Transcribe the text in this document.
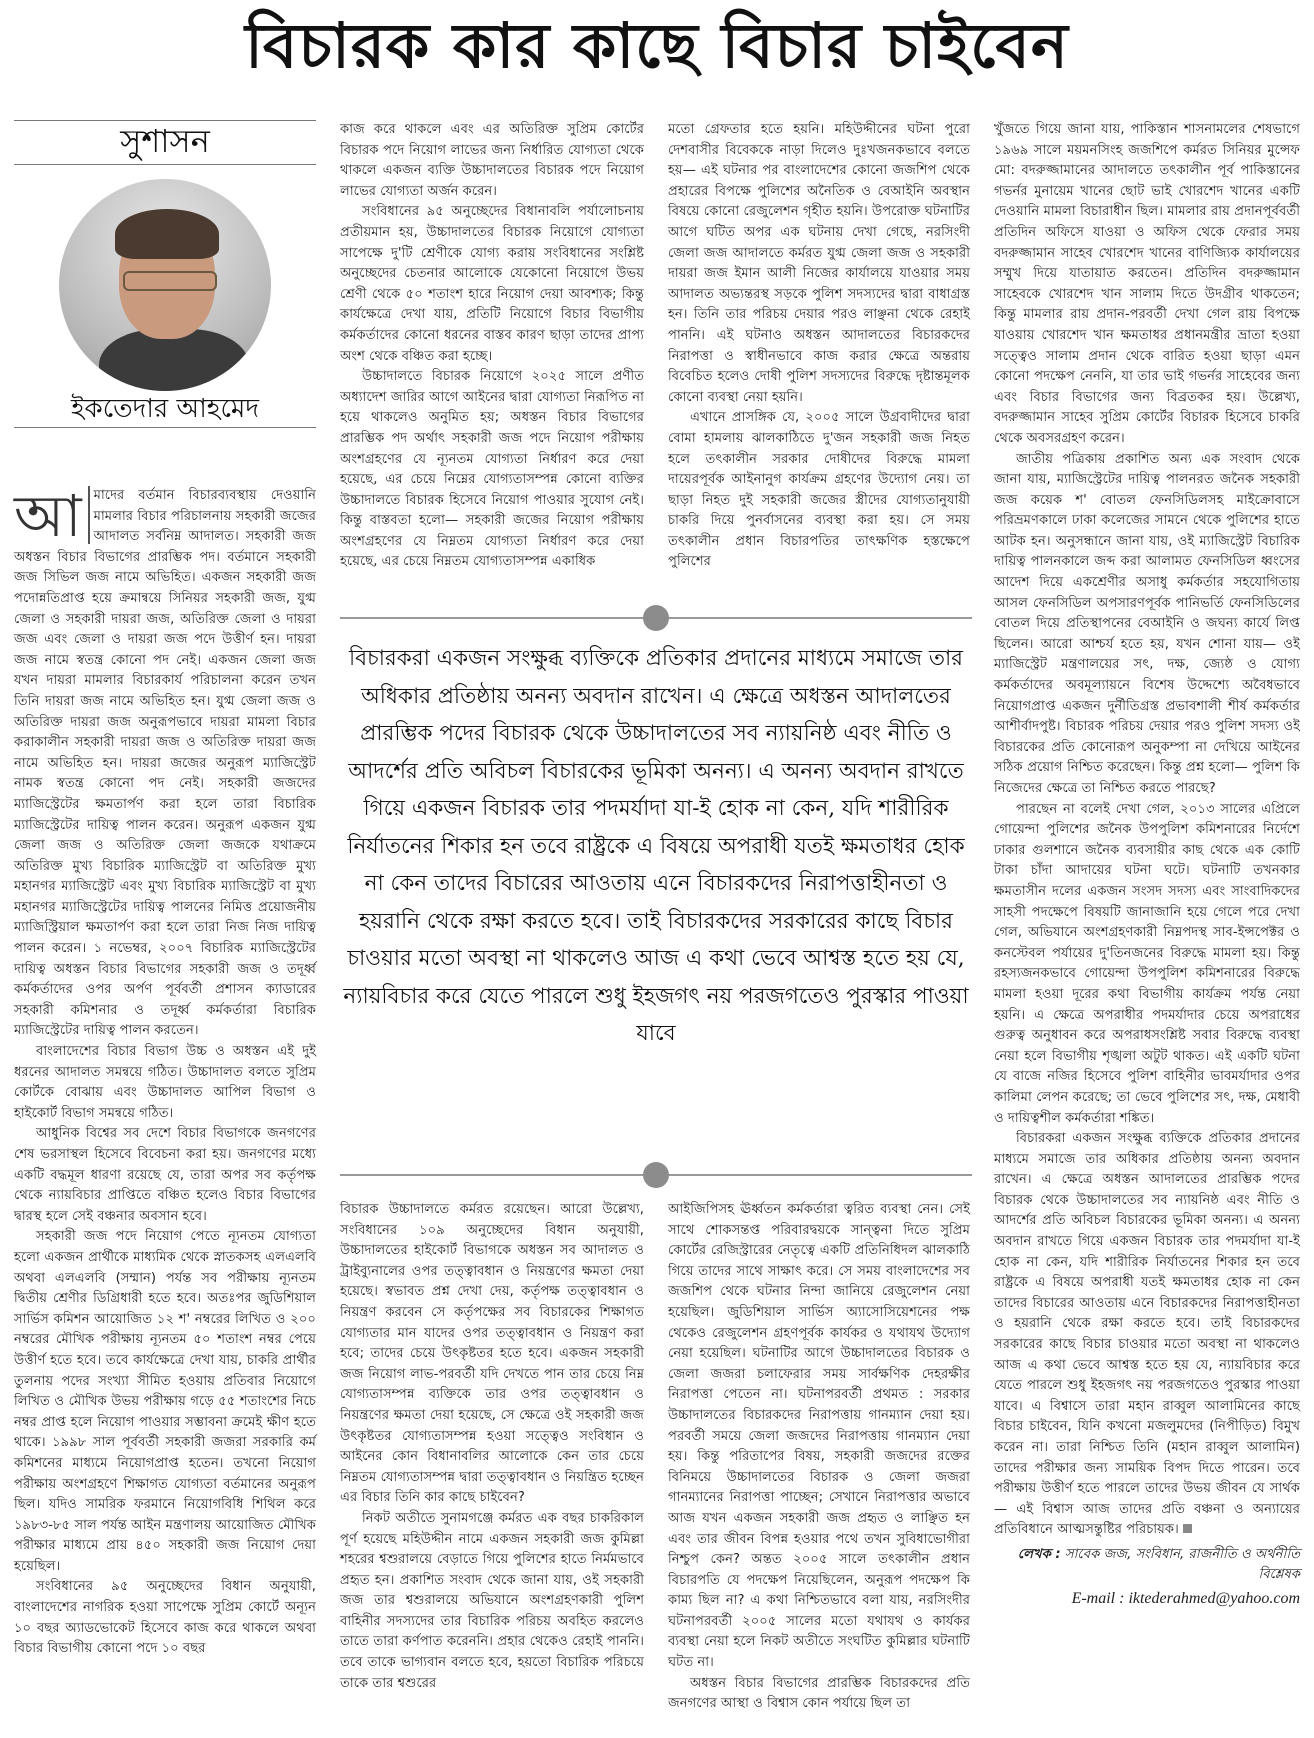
বিচারক কার কাছে বিচার চাইবেন
সুশাসন
ইকতেদার আহমেদ

আ মাদের বর্তমান বিচারব্যবস্থায় দেওয়ানি মামলার বিচার পরিচালনায় সহকারী জজের আদালত সর্বনিম্ন আদালত। সহকারী জজ অধস্তন বিচার বিভাগের প্রারম্ভিক পদ। বর্তমানে সহকারী জজ সিভিল জজ নামে অভিহিত। একজন সহকারী জজ পদোন্নতিপ্রাপ্ত হয়ে ক্রমান্বয়ে সিনিয়র সহকারী জজ, যুগ্ম জেলা ও সহকারী দায়রা জজ, অতিরিক্ত জেলা ও দায়রা জজ এবং জেলা ও দায়রা জজ পদে উত্তীর্ণ হন। দায়রা জজ নামে স্বতন্ত্র কোনো পদ নেই। একজন জেলা জজ যখন দায়রা মামলার বিচারকার্য পরিচালনা করেন তখন তিনি দায়রা জজ নামে অভিহিত হন। যুগ্ম জেলা জজ ও অতিরিক্ত দায়রা জজ অনুরূপভাবে দায়রা মামলা বিচার করাকালীন সহকারী দায়রা জজ ও অতিরিক্ত দায়রা জজ নামে অভিহিত হন। দায়রা জজের অনুরূপ ম্যাজিস্ট্রেট নামক স্বতন্ত্র কোনো পদ নেই। সহকারী জজদের ম্যাজিস্ট্রেটের ক্ষমতার্পণ করা হলে তারা বিচারিক ম্যাজিস্ট্রেটের দায়িত্ব পালন করেন। অনুরূপ একজন যুগ্ম জেলা জজ ও অতিরিক্ত জেলা জজকে যথাক্রমে অতিরিক্ত মুখ্য বিচারিক ম্যাজিস্ট্রেট বা অতিরিক্ত মুখ্য মহানগর ম্যাজিস্ট্রেট এবং মুখ্য বিচারিক ম্যাজিস্ট্রেট বা মুখ্য মহানগর ম্যাজিস্ট্রেটের দায়িত্ব পালনের নিমিত্ত প্রয়োজনীয় ম্যাজিস্ট্রিয়াল ক্ষমতার্পণ করা হলে তারা নিজ নিজ দায়িত্ব পালন করেন। ১ নভেম্বর, ২০০৭ বিচারিক ম্যাজিস্ট্রেটের দায়িত্ব অধস্তন বিচার বিভাগের সহকারী জজ ও তদূর্ধ্ব কর্মকর্তাদের ওপর অর্পণ পূর্ববর্তী প্রশাসন ক্যাডারের সহকারী কমিশনার ও তদূর্ধ্ব কর্মকর্তারা বিচারিক ম্যাজিস্ট্রেটের দায়িত্ব পালন করতেন।

বাংলাদেশের বিচার বিভাগ উচ্চ ও অধস্তন এই দুই ধরনের আদালত সমন্বয়ে গঠিত। উচ্চাদালত বলতে সুপ্রিম কোর্টকে বোঝায় এবং উচ্চাদালত আপিল বিভাগ ও হাইকোর্ট বিভাগ সমন্বয়ে গঠিত।

আধুনিক বিশ্বের সব দেশে বিচার বিভাগকে জনগণের শেষ ভরসাস্থল হিসেবে বিবেচনা করা হয়। জনগণের মধ্যে একটি বদ্ধমূল ধারণা রয়েছে যে, তারা অপর সব কর্তৃপক্ষ থেকে ন্যায়বিচার প্রাপ্তিতে বঞ্চিত হলেও বিচার বিভাগের দ্বারস্থ হলে সেই বঞ্চনার অবসান হবে।

সহকারী জজ পদে নিয়োগ পেতে ন্যূনতম যোগ্যতা হলো একজন প্রার্থীকে মাধ্যমিক থেকে স্নাতকসহ এলএলবি অথবা এলএলবি (সম্মান) পর্যন্ত সব পরীক্ষায় ন্যূনতম দ্বিতীয় শ্রেণীর ডিগ্রিধারী হতে হবে। অতঃপর জুডিশিয়াল সার্ভিস কমিশন আয়োজিত ১২ শ' নম্বরের লিখিত ও ২০০ নম্বরের মৌখিক পরীক্ষায় ন্যূনতম ৫০ শতাংশ নম্বর পেয়ে উত্তীর্ণ হতে হবে। তবে কার্যক্ষেত্রে দেখা যায়, চাকরি প্রার্থীর তুলনায় পদের সংখ্যা সীমিত হওয়ায় প্রতিবার নিয়োগে লিখিত ও মৌখিক উভয় পরীক্ষায় গড়ে ৫৫ শতাংশের নিচে নম্বর প্রাপ্ত হলে নিয়োগ পাওয়ার সম্ভাবনা ক্রমেই ক্ষীণ হতে থাকে। ১৯৯৮ সাল পূর্ববর্তী সহকারী জজরা সরকারি কর্ম কমিশনের মাধ্যমে নিয়োগপ্রাপ্ত হতেন। তখনো নিয়োগ পরীক্ষায় অংশগ্রহণে শিক্ষাগত যোগ্যতা বর্তমানের অনুরূপ ছিল। যদিও সামরিক ফরমানে নিয়োগবিধি শিথিল করে ১৯৮৩-৮৫ সাল পর্যন্ত আইন মন্ত্রণালয় আয়োজিত মৌখিক পরীক্ষার মাধ্যমে প্রায় ৪৫০ সহকারী জজ নিয়োগ দেয়া হয়েছিল।

সংবিধানের ৯৫ অনুচ্ছেদের বিধান অনুযায়ী, বাংলাদেশের নাগরিক হওয়া সাপেক্ষে সুপ্রিম কোর্টে অন্যূন ১০ বছর অ্যাডভোকেট হিসেবে কাজ করে থাকলে অথবা বিচার বিভাগীয় কোনো পদে ১০ বছর

কাজ করে থাকলে এবং এর অতিরিক্ত সুপ্রিম কোর্টের বিচারক পদে নিয়োগ লাভের জন্য নির্ধারিত যোগ্যতা থেকে থাকলে একজন ব্যক্তি উচ্চাদালতের বিচারক পদে নিয়োগ লাভের যোগ্যতা অর্জন করেন।

সংবিধানের ৯৫ অনুচ্ছেদের বিধানাবলি পর্যালোচনায় প্রতীয়মান হয়, উচ্চাদালতের বিচারক নিয়োগে যোগ্যতা সাপেক্ষে দু'টি শ্রেণীকে যোগ্য করায় সংবিধানের সংশ্লিষ্ট অনুচ্ছেদের চেতনার আলোকে যেকোনো নিয়োগে উভয় শ্রেণী থেকে ৫০ শতাংশ হারে নিয়োগ দেয়া আবশ্যক; কিন্তু কার্যক্ষেত্রে দেখা যায়, প্রতিটি নিয়োগে বিচার বিভাগীয় কর্মকর্তাদের কোনো ধরনের বাস্তব কারণ ছাড়া তাদের প্রাপ্য অংশ থেকে বঞ্চিত করা হচ্ছে।

উচ্চাদালতে বিচারক নিয়োগে ২০২৫ সালে প্রণীত অধ্যাদেশ জারির আগে আইনের দ্বারা যোগ্যতা নিরূপিত না হয়ে থাকলেও অনুমিত হয়; অধস্তন বিচার বিভাগের প্রারম্ভিক পদ অর্থাৎ সহকারী জজ পদে নিয়োগ পরীক্ষায় অংশগ্রহণের যে ন্যূনতম যোগ্যতা নির্ধারণ করে দেয়া হয়েছে, এর চেয়ে নিম্নের যোগ্যতাসম্পন্ন কোনো ব্যক্তির উচ্চাদালতে বিচারক হিসেবে নিয়োগ পাওয়ার সুযোগ নেই। কিন্তু বাস্তবতা হলো— সহকারী জজের নিয়োগ পরীক্ষায় অংশগ্রহণের যে নিম্নতম যোগ্যতা নির্ধারণ করে দেয়া হয়েছে, এর চেয়ে নিম্নতম যোগ্যতাসম্পন্ন একাধিক

মতো গ্রেফতার হতে হয়নি। মহিউদ্দীনের ঘটনা পুরো দেশবাসীর বিবেককে নাড়া দিলেও দুঃখজনকভাবে বলতে হয়— এই ঘটনার পর বাংলাদেশের কোনো জজশিপ থেকে প্রহারের বিপক্ষে পুলিশের অনৈতিক ও বেআইনি অবস্থান বিষয়ে কোনো রেজুলেশন গৃহীত হয়নি। উপরোক্ত ঘটনাটির আগে ঘটিত অপর এক ঘটনায় দেখা গেছে, নরসিংদী জেলা জজ আদালতে কর্মরত যুগ্ম জেলা জজ ও সহকারী দায়রা জজ ইমান আলী নিজের কার্যালয়ে যাওয়ার সময় আদালত অভ্যন্তরস্থ সড়কে পুলিশ সদস্যদের দ্বারা বাধাগ্রস্ত হন। তিনি তার পরিচয় দেয়ার পরও লাঞ্ছনা থেকে রেহাই পাননি। এই ঘটনাও অধস্তন আদালতের বিচারকদের নিরাপত্তা ও স্বাধীনভাবে কাজ করার ক্ষেত্রে অন্তরায় বিবেচিত হলেও দোষী পুলিশ সদস্যদের বিরুদ্ধে দৃষ্টান্তমূলক কোনো ব্যবস্থা নেয়া হয়নি।

এখানে প্রাসঙ্গিক যে, ২০০৫ সালে উগ্রবাদীদের দ্বারা বোমা হামলায় ঝালকাঠিতে দু'জন সহকারী জজ নিহত হলে তৎকালীন সরকার দোষীদের বিরুদ্ধে মামলা দায়েরপূর্বক আইনানুগ কার্যক্রম গ্রহণের উদ্যোগ নেয়। তা ছাড়া নিহত দুই সহকারী জজের স্ত্রীদের যোগ্যতানুযায়ী চাকরি দিয়ে পুনর্বাসনের ব্যবস্থা করা হয়। সে সময় তৎকালীন প্রধান বিচারপতির তাৎক্ষণিক হস্তক্ষেপে পুলিশের

বিচারকরা একজন সংক্ষুব্ধ ব্যক্তিকে প্রতিকার প্রদানের মাধ্যমে সমাজে তার অধিকার প্রতিষ্ঠায় অনন্য অবদান রাখেন। এ ক্ষেত্রে অধস্তন আদালতের প্রারম্ভিক পদের বিচারক থেকে উচ্চাদালতের সব ন্যায়নিষ্ঠ এবং নীতি ও আদর্শের প্রতি অবিচল বিচারকের ভূমিকা অনন্য। এ অনন্য অবদান রাখতে গিয়ে একজন বিচারক তার পদমর্যাদা যা-ই হোক না কেন, যদি শারীরিক নির্যাতনের শিকার হন তবে রাষ্ট্রকে এ বিষয়ে অপরাধী যতই ক্ষমতাধর হোক না কেন তাদের বিচারের আওতায় এনে বিচারকদের নিরাপত্তাহীনতা ও হয়রানি থেকে রক্ষা করতে হবে। তাই বিচারকদের সরকারের কাছে বিচার চাওয়ার মতো অবস্থা না থাকলেও আজ এ কথা ভেবে আশ্বস্ত হতে হয় যে, ন্যায়বিচার করে যেতে পারলে শুধু ইহজগৎ নয় পরজগতেও পুরস্কার পাওয়া যাবে

বিচারক উচ্চাদালতে কর্মরত রয়েছেন। আরো উল্লেখ্য, সংবিধানের ১০৯ অনুচ্ছেদের বিধান অনুযায়ী, উচ্চাদালতের হাইকোর্ট বিভাগকে অধস্তন সব আদালত ও ট্রাইব্যুনালের ওপর তত্ত্বাবধান ও নিয়ন্ত্রণের ক্ষমতা দেয়া হয়েছে। স্বভাবত প্রশ্ন দেখা দেয়, কর্তৃপক্ষ তত্ত্বাবধান ও নিয়ন্ত্রণ করবেন সে কর্তৃপক্ষের সব বিচারকের শিক্ষাগত যোগ্যতার মান যাদের ওপর তত্ত্বাবধান ও নিয়ন্ত্রণ করা হবে; তাদের চেয়ে উৎকৃষ্টতর হতে হবে। একজন সহকারী জজ নিয়োগ লাভ-পরবর্তী যদি দেখতে পান তার চেয়ে নিম্ন যোগ্যতাসম্পন্ন ব্যক্তিকে তার ওপর তত্ত্বাবধান ও নিয়ন্ত্রণের ক্ষমতা দেয়া হয়েছে, সে ক্ষেত্রে ওই সহকারী জজ উৎকৃষ্টতর যোগ্যতাসম্পন্ন হওয়া সত্ত্বেও সংবিধান ও আইনের কোন বিধানাবলির আলোকে কেন তার চেয়ে নিম্নতম যোগ্যতাসম্পন্ন দ্বারা তত্ত্বাবধান ও নিয়ন্ত্রিত হচ্ছেন এর বিচার তিনি কার কাছে চাইবেন?

নিকট অতীতে সুনামগঞ্জে কর্মরত এক বছর চাকরিকাল পূর্ণ হয়েছে মহিউদ্দীন নামে একজন সহকারী জজ কুমিল্লা শহরের শ্বশুরালয়ে বেড়াতে গিয়ে পুলিশের হাতে নির্মমভাবে প্রহৃত হন। প্রকাশিত সংবাদ থেকে জানা যায়, ওই সহকারী জজ তার শ্বশুরালয়ে অভিযানে অংশগ্রহণকারী পুলিশ বাহিনীর সদস্যদের তার বিচারিক পরিচয় অবহিত করলেও তাতে তারা কর্ণপাত করেননি। প্রহার থেকেও রেহাই পাননি। তবে তাকে ভাগ্যবান বলতে হবে, হয়তো বিচারিক পরিচয়ে তাকে তার শ্বশুরের

আইজিপিসহ ঊর্ধ্বতন কর্মকর্তারা ত্বরিত ব্যবস্থা নেন। সেই সাথে শোকসন্তপ্ত পরিবারদ্বয়কে সান্ত্বনা দিতে সুপ্রিম কোর্টের রেজিস্ট্রারের নেতৃত্বে একটি প্রতিনিধিদল ঝালকাঠি গিয়ে তাদের সাথে সাক্ষাৎ করে। সে সময় বাংলাদেশের সব জজশিপ থেকে ঘটনার নিন্দা জানিয়ে রেজুলেশন নেয়া হয়েছিল। জুডিশিয়াল সার্ভিস অ্যাসোসিয়েশনের পক্ষ থেকেও রেজুলেশন গ্রহণপূর্বক কার্যকর ও যথাযথ উদ্যোগ নেয়া হয়েছিল। ঘটনাটির আগে উচ্চাদালতের বিচারক ও জেলা জজরা চলাফেরার সময় সার্বক্ষণিক দেহরক্ষীর নিরাপত্তা পেতেন না। ঘটনাপরবর্তী প্রথমত : সরকার উচ্চাদালতের বিচারকদের নিরাপত্তায় গানম্যান দেয়া হয়। পরবর্তী সময়ে জেলা জজদের নিরাপত্তায় গানম্যান দেয়া হয়। কিন্তু পরিতাপের বিষয়, সহকারী জজদের রক্তের বিনিময়ে উচ্চাদালতের বিচারক ও জেলা জজরা গানম্যানের নিরাপত্তা পাচ্ছেন; সেখানে নিরাপত্তার অভাবে আজ যখন একজন সহকারী জজ প্রহৃত ও লাঞ্ছিত হন এবং তার জীবন বিপন্ন হওয়ার পথে তখন সুবিধাভোগীরা নিশ্চুপ কেন? অন্তত ২০০৫ সালে তৎকালীন প্রধান বিচারপতি যে পদক্ষেপ নিয়েছিলেন, অনুরূপ পদক্ষেপ কি কাম্য ছিল না? এ কথা নিশ্চিতভাবে বলা যায়, নরসিংদীর ঘটনাপরবর্তী ২০০৫ সালের মতো যথাযথ ও কার্যকর ব্যবস্থা নেয়া হলে নিকট অতীতে সংঘটিত কুমিল্লার ঘটনাটি ঘটত না।

অধস্তন বিচার বিভাগের প্রারম্ভিক বিচারকদের প্রতি জনগণের আস্থা ও বিশ্বাস কোন পর্যায়ে ছিল তা

খুঁজতে গিয়ে জানা যায়, পাকিস্তান শাসনামলের শেষভাগে ১৯৬৯ সালে ময়মনসিংহ জজশিপে কর্মরত সিনিয়র মুন্সেফ মো: বদরুজ্জামানের আদালতে তৎকালীন পূর্ব পাকিস্তানের গভর্নর মুনায়েম খানের ছোট ভাই খোরশেদ খানের একটি দেওয়ানি মামলা বিচারাধীন ছিল। মামলার রায় প্রদানপূর্ববর্তী প্রতিদিন অফিসে যাওয়া ও অফিস থেকে ফেরার সময় বদরুজ্জামান সাহেব খোরশেদ খানের বাণিজ্যিক কার্যালয়ের সম্মুখ দিয়ে যাতায়াত করতেন। প্রতিদিন বদরুজ্জামান সাহেবকে খোরশেদ খান সালাম দিতে উদগ্রীব থাকতেন; কিন্তু মামলার রায় প্রদান-পরবর্তী দেখা গেল রায় বিপক্ষে যাওয়ায় খোরশেদ খান ক্ষমতাধর প্রধানমন্ত্রীর ভ্রাতা হওয়া সত্ত্বেও সালাম প্রদান থেকে বারিত হওয়া ছাড়া এমন কোনো পদক্ষেপ নেননি, যা তার ভাই গভর্নর সাহেবের জন্য এবং বিচার বিভাগের জন্য বিব্রতকর হয়। উল্লেখ্য, বদরুজ্জামান সাহেব সুপ্রিম কোর্টের বিচারক হিসেবে চাকরি থেকে অবসরগ্রহণ করেন।

জাতীয় পত্রিকায় প্রকাশিত অন্য এক সংবাদ থেকে জানা যায়, ম্যাজিস্ট্রেটের দায়িত্ব পালনরত জনৈক সহকারী জজ কয়েক শ' বোতল ফেনসিডিলসহ মাইক্রোবাসে পরিভ্রমণকালে ঢাকা কলেজের সামনে থেকে পুলিশের হাতে আটক হন। অনুসন্ধানে জানা যায়, ওই ম্যাজিস্ট্রেট বিচারিক দায়িত্ব পালনকালে জব্দ করা আলামত ফেনসিডিল ধ্বংসের আদেশ দিয়ে একশ্রেণীর অসাধু কর্মকর্তার সহযোগিতায় আসল ফেনসিডিল অপসারণপূর্বক পানিভর্তি ফেনসিডিলের বোতল দিয়ে প্রতিস্থাপনের বেআইনি ও জঘন্য কার্যে লিপ্ত ছিলেন। আরো আশ্চর্য হতে হয়, যখন শোনা যায়— ওই ম্যাজিস্ট্রেট মন্ত্রণালয়ের সৎ, দক্ষ, জ্যেষ্ঠ ও যোগ্য কর্মকর্তাদের অবমূল্যায়নে বিশেষ উদ্দেশ্যে অবৈধভাবে নিয়োগপ্রাপ্ত একজন দুর্নীতিগ্রস্ত প্রভাবশালী শীর্ষ কর্মকর্তার আশীর্বাদপুষ্ট। বিচারক পরিচয় দেয়ার পরও পুলিশ সদস্য ওই বিচারকের প্রতি কোনোরূপ অনুকম্পা না দেখিয়ে আইনের সঠিক প্রয়োগ নিশ্চিত করেছেন। কিন্তু প্রশ্ন হলো— পুলিশ কি নিজেদের ক্ষেত্রে তা নিশ্চিত করতে পারছে?

পারছেন না বলেই দেখা গেল, ২০১৩ সালের এপ্রিলে গোয়েন্দা পুলিশের জনৈক উপপুলিশ কমিশনারের নির্দেশে ঢাকার গুলশানে জনৈক ব্যবসায়ীর কাছ থেকে এক কোটি টাকা চাঁদা আদায়ের ঘটনা ঘটে। ঘটনাটি তখনকার ক্ষমতাসীন দলের একজন সংসদ সদস্য এবং সাংবাদিকদের সাহসী পদক্ষেপে বিষয়টি জানাজানি হয়ে গেলে পরে দেখা গেল, অভিযানে অংশগ্রহণকারী নিম্নপদস্থ সাব-ইন্সপেক্টর ও কনস্টেবল পর্যায়ের দু'তিনজনের বিরুদ্ধে মামলা হয়। কিন্তু রহস্যজনকভাবে গোয়েন্দা উপপুলিশ কমিশনারের বিরুদ্ধে মামলা হওয়া দূরের কথা বিভাগীয় কার্যক্রম পর্যন্ত নেয়া হয়নি। এ ক্ষেত্রে অপরাধীর পদমর্যাদার চেয়ে অপরাধের গুরুত্ব অনুধাবন করে অপরাধসংশ্লিষ্ট সবার বিরুদ্ধে ব্যবস্থা নেয়া হলে বিভাগীয় শৃঙ্খলা অটুট থাকত। এই একটি ঘটনা যে বাজে নজির হিসেবে পুলিশ বাহিনীর ভাবমর্যাদার ওপর কালিমা লেপন করেছে; তা ভেবে পুলিশের সৎ, দক্ষ, মেধাবী ও দায়িত্বশীল কর্মকর্তারা শঙ্কিত।

বিচারকরা একজন সংক্ষুব্ধ ব্যক্তিকে প্রতিকার প্রদানের মাধ্যমে সমাজে তার অধিকার প্রতিষ্ঠায় অনন্য অবদান রাখেন। এ ক্ষেত্রে অধস্তন আদালতের প্রারম্ভিক পদের বিচারক থেকে উচ্চাদালতের সব ন্যায়নিষ্ঠ এবং নীতি ও আদর্শের প্রতি অবিচল বিচারকের ভূমিকা অনন্য। এ অনন্য অবদান রাখতে গিয়ে একজন বিচারক তার পদমর্যাদা যা-ই হোক না কেন, যদি শারীরিক নির্যাতনের শিকার হন তবে রাষ্ট্রকে এ বিষয়ে অপরাধী যতই ক্ষমতাধর হোক না কেন তাদের বিচারের আওতায় এনে বিচারকদের নিরাপত্তাহীনতা ও হয়রানি থেকে রক্ষা করতে হবে। তাই বিচারকদের সরকারের কাছে বিচার চাওয়ার মতো অবস্থা না থাকলেও আজ এ কথা ভেবে আশ্বস্ত হতে হয় যে, ন্যায়বিচার করে যেতে পারলে শুধু ইহজগৎ নয় পরজগতেও পুরস্কার পাওয়া যাবে। এ বিশ্বাসে তারা মহান রাব্বুল আলামিনের কাছে বিচার চাইবেন, যিনি কখনো মজলুমদের (নিপীড়িত) বিমুখ করেন না। তারা নিশ্চিত তিনি (মহান রাব্বুল আলামিন) তাদের পরীক্ষার জন্য সাময়িক বিপদ দিতে পারেন। তবে পরীক্ষায় উত্তীর্ণ হতে পারলে তাদের উভয় জীবন যে সার্থক— এই বিশ্বাস আজ তাদের প্রতি বঞ্চনা ও অন্যায়ের প্রতিবিধানে আত্মসন্তুষ্টির পরিচায়ক।

লেখক : সাবেক জজ, সংবিধান, রাজনীতি ও অর্থনীতি বিশ্লেষক
E-mail : iktederahmed@yahoo.com
